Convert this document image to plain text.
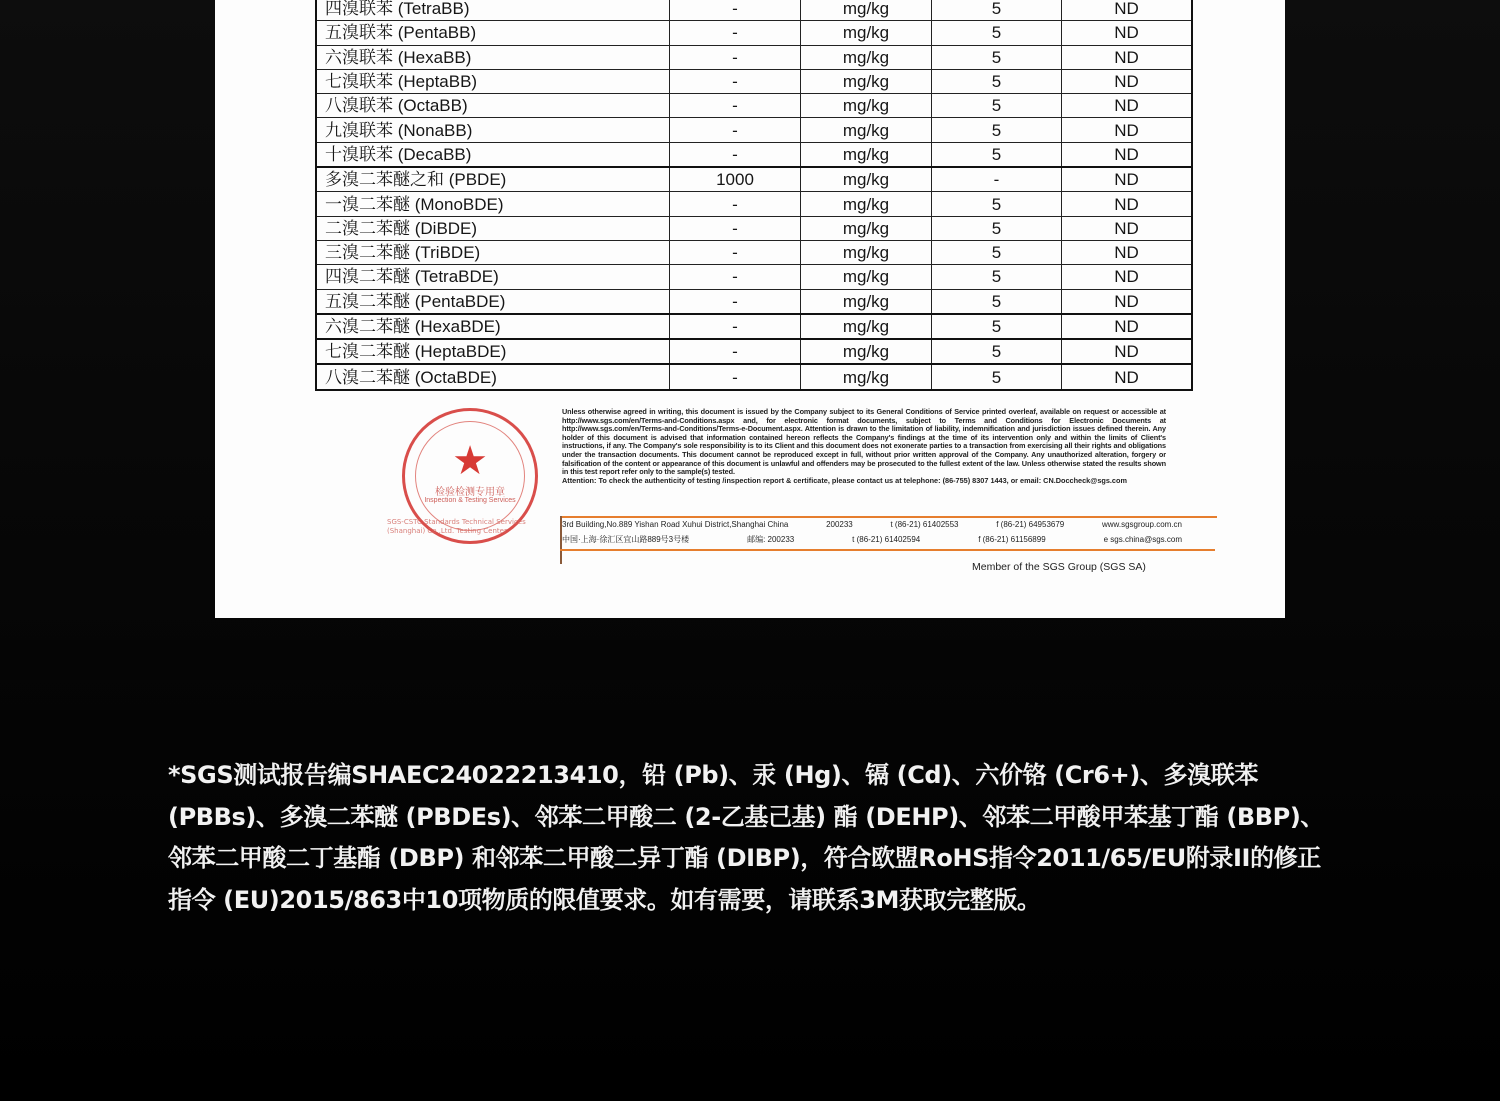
四溴联苯 (TetraBB)	-	mg/kg	5	ND
五溴联苯 (PentaBB)	-	mg/kg	5	ND
六溴联苯 (HexaBB)	-	mg/kg	5	ND
七溴联苯 (HeptaBB)	-	mg/kg	5	ND
八溴联苯 (OctaBB)	-	mg/kg	5	ND
九溴联苯 (NonaBB)	-	mg/kg	5	ND
十溴联苯 (DecaBB)	-	mg/kg	5	ND
多溴二苯醚之和 (PBDE)	1000	mg/kg	-	ND
一溴二苯醚 (MonoBDE)	-	mg/kg	5	ND
二溴二苯醚 (DiBDE)	-	mg/kg	5	ND
三溴二苯醚 (TriBDE)	-	mg/kg	5	ND
四溴二苯醚 (TetraBDE)	-	mg/kg	5	ND
五溴二苯醚 (PentaBDE)	-	mg/kg	5	ND
六溴二苯醚 (HexaBDE)	-	mg/kg	5	ND
七溴二苯醚 (HeptaBDE)	-	mg/kg	5	ND
八溴二苯醚 (OctaBDE)	-	mg/kg	5	ND
★
检验检测专用章
Inspection & Testing Services
SGS-CSTC Standards Technical Services (Shanghai) Co.,Ltd. Testing Center
Unless otherwise agreed in writing, this document is issued by the Company subject to its General Conditions of Service printed overleaf, available on request or accessible at http://www.sgs.com/en/Terms-and-Conditions.aspx and, for electronic format documents, subject to Terms and Conditions for Electronic Documents at http://www.sgs.com/en/Terms-and-Conditions/Terms-e-Document.aspx. Attention is drawn to the limitation of liability, indemnification and jurisdiction issues defined therein. Any holder of this document is advised that information contained hereon reflects the Company's findings at the time of its intervention only and within the limits of Client's instructions, if any. The Company's sole responsibility is to its Client and this document does not exonerate parties to a transaction from exercising all their rights and obligations under the transaction documents. This document cannot be reproduced except in full, without prior written approval of the Company. Any unauthorized alteration, forgery or falsification of the content or appearance of this document is unlawful and offenders may be prosecuted to the fullest extent of the law. Unless otherwise stated the results shown in this test report refer only to the sample(s) tested.
Attention: To check the authenticity of testing /inspection report & certificate, please contact us at telephone: (86-755) 8307 1443, or email: CN.Doccheck@sgs.com
3rd Building,No.889 Yishan Road Xuhui District,Shanghai China	200233	t (86-21) 61402553	f (86-21) 64953679	www.sgsgroup.com.cn
中国·上海·徐汇区宜山路889号3号楼	邮编: 200233	t (86-21) 61402594	f (86-21) 61156899	e sgs.china@sgs.com
Member of the SGS Group (SGS SA)
*SGS测试报告编SHAEC24022213410，铅 (Pb)、汞 (Hg)、镉 (Cd)、六价铬 (Cr6+)、多溴联苯 (PBBs)、多溴二苯醚 (PBDEs)、邻苯二甲酸二 (2-乙基己基) 酯 (DEHP)、邻苯二甲酸甲苯基丁酯 (BBP)、邻苯二甲酸二丁基酯 (DBP) 和邻苯二甲酸二异丁酯 (DIBP)，符合欧盟RoHS指令2011/65/EU附录II的修正指令 (EU)2015/863中10项物质的限值要求。如有需要，请联系3M获取完整版。
